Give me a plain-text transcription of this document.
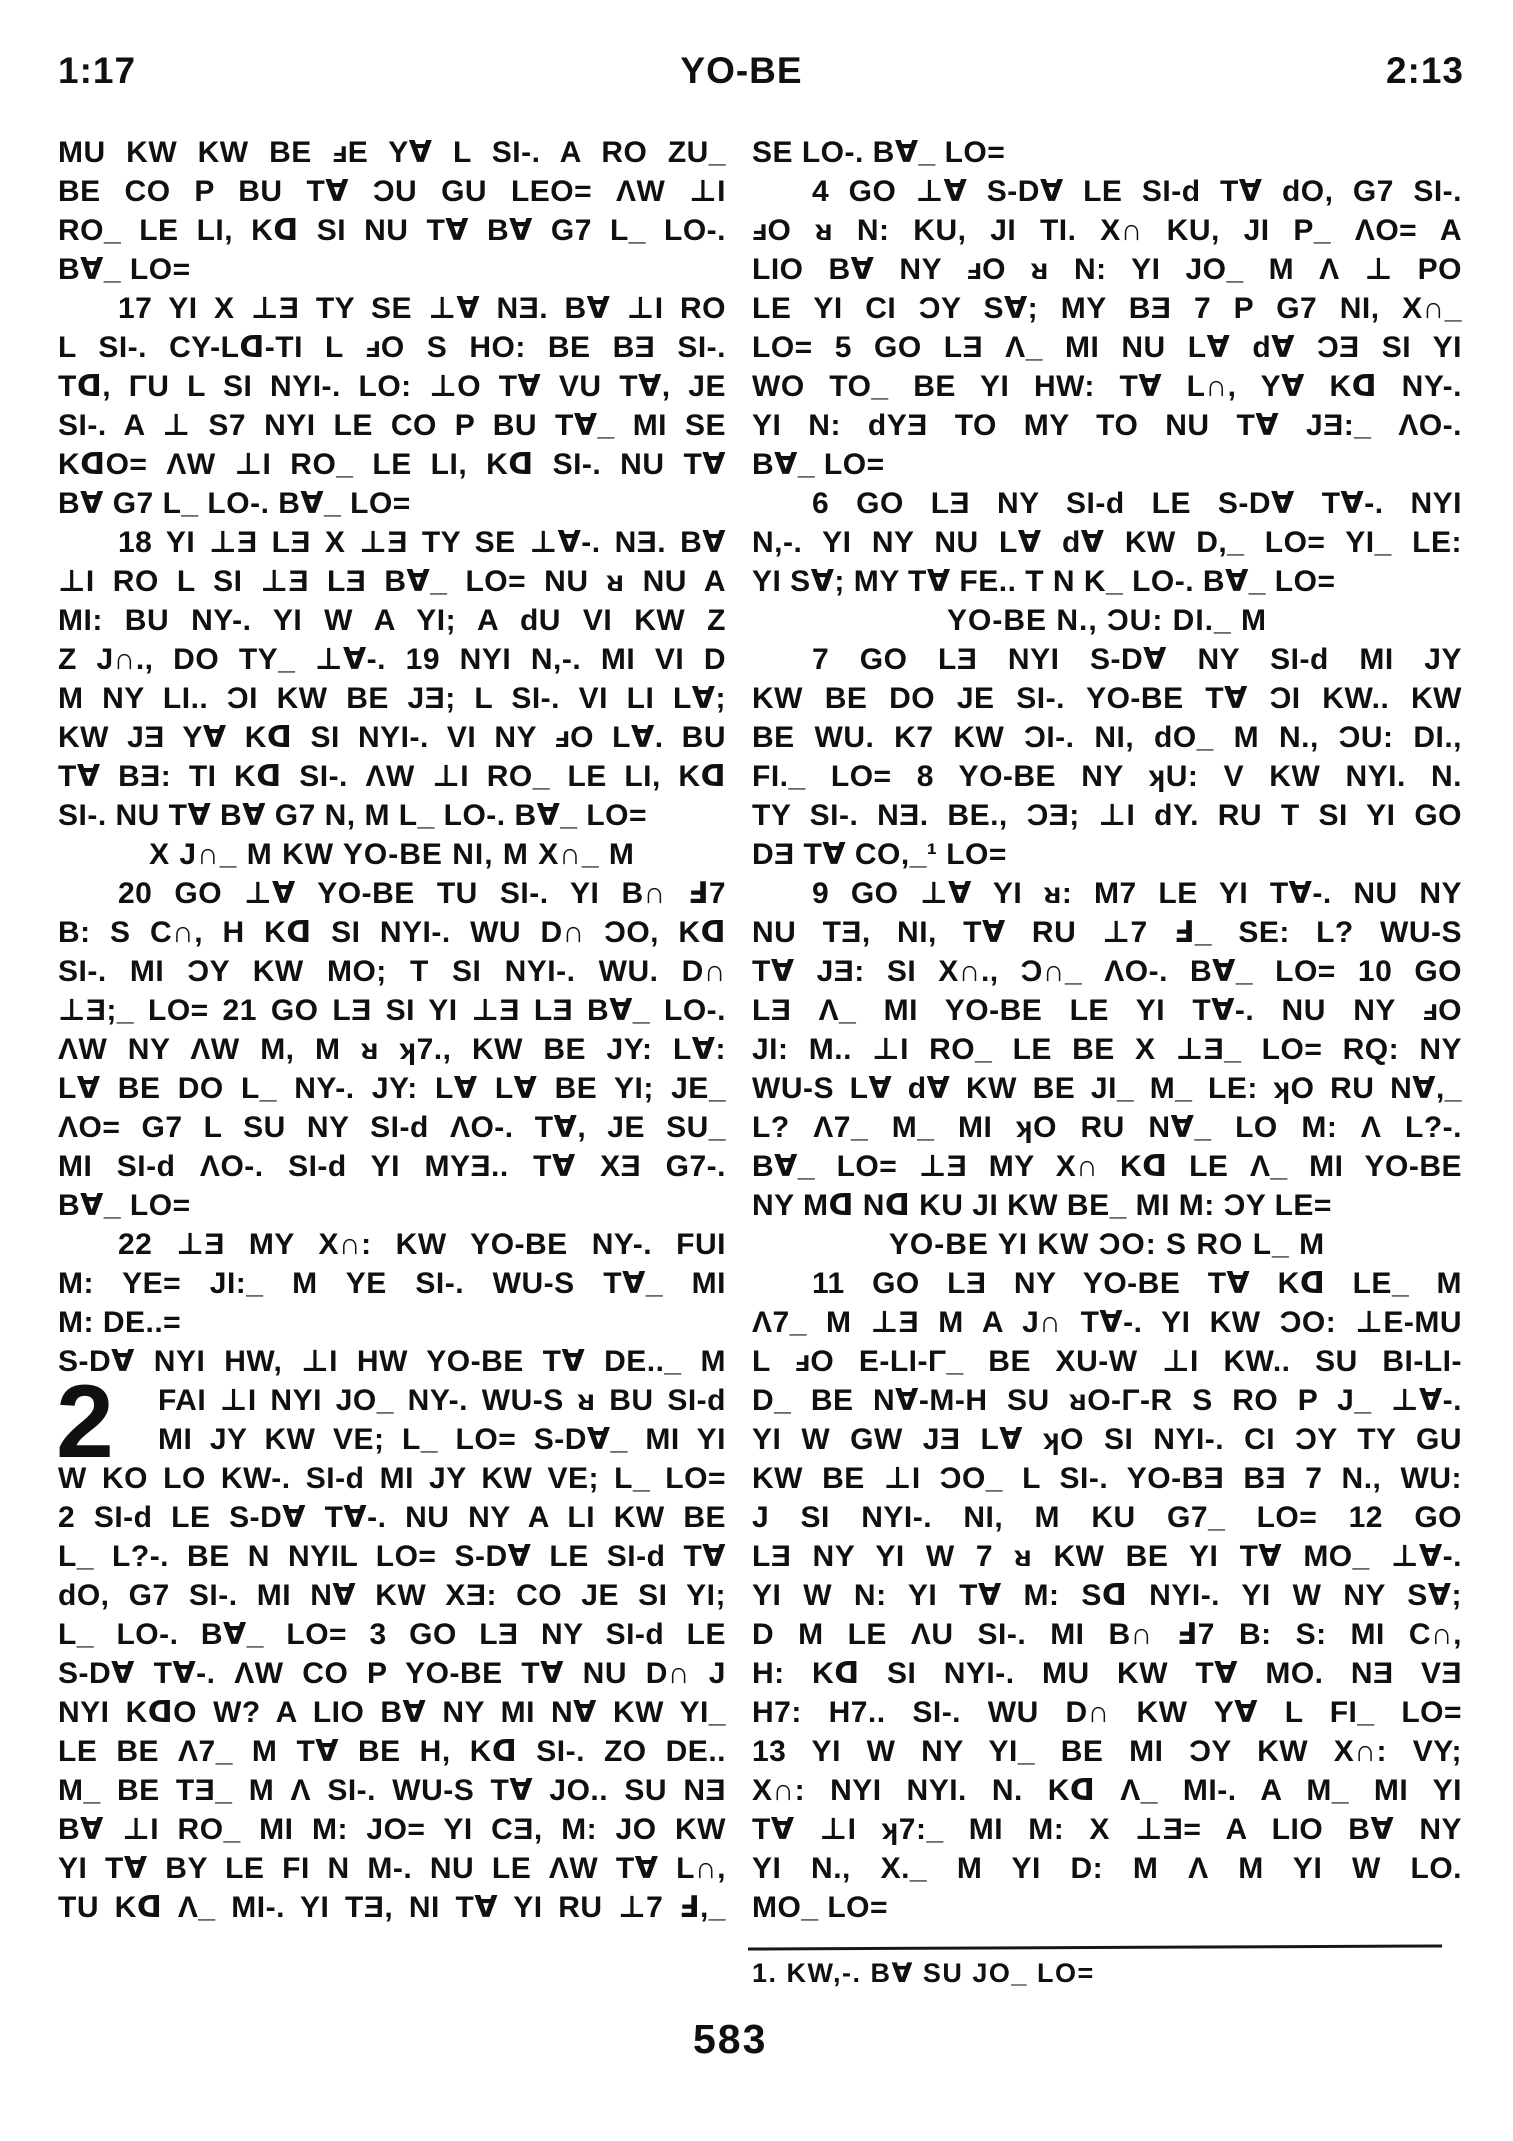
1:17	YO-BE	2:13
MU KW KW BE ⅎE Y∀ L SI-. A RO ZU_
BE CO P BU T∀ ƆU GU LEO= ΛW ⊥I
RO_ LE LI, Kᗡ SI NU T∀ B∀ G7 L_ LO-.
B∀_ LO=
17 YI X ⊥Ǝ TY SE ⊥∀ NƎ. B∀ ⊥I RO
L SI-. CY-Lᗡ-TI L ⅎO S HO: BE BƎ SI-.
Tᗡ, ΓU L SI NYI-. LO: ⊥O T∀ VU T∀, JE
SI-. A ⊥ S7 NYI LE CO P BU T∀_ MI SE
KᗡO= ΛW ⊥I RO_ LE LI, Kᗡ SI-. NU T∀
B∀ G7 L_ LO-. B∀_ LO=
18 YI ⊥Ǝ LƎ X ⊥Ǝ TY SE ⊥∀-. NƎ. B∀
⊥I RO L SI ⊥Ǝ LƎ B∀_ LO= NU ᴚ NU A
MI: BU NY-. YI W A YI; A dU VI KW Z
Z J∩., DO TY_ ⊥∀-. 19 NYI N,-. MI VI D
M NY LI.. ƆI KW BE JƎ; L SI-. VI LI L∀;
KW JƎ Y∀ Kᗡ SI NYI-. VI NY ⅎO L∀. BU
T∀ BƎ: TI Kᗡ SI-. ΛW ⊥I RO_ LE LI, Kᗡ
SI-. NU T∀ B∀ G7 N, M L_ LO-. B∀_ LO=
X J∩_ M KW YO-BE NI, M X∩_ M
20 GO ⊥∀ YO-BE TU SI-. YI B∩ Ⅎ7
B: S C∩, H Kᗡ SI NYI-. WU D∩ ƆO, Kᗡ
SI-. MI ƆY KW MO; T SI NYI-. WU. D∩
⊥Ǝ;_ LO= 21 GO LƎ SI YI ⊥Ǝ LƎ B∀_ LO-.
ΛW NY ΛW M, M ᴚ ʞ7., KW BE JY: L∀:
L∀ BE DO L_ NY-. JY: L∀ L∀ BE YI; JE_
ΛO= G7 L SU NY SI-d ΛO-. T∀, JE SU_
MI SI-d ΛO-. SI-d YI MYƎ.. T∀ XƎ G7-.
B∀_ LO=
22 ⊥Ǝ MY X∩: KW YO-BE NY-. FUI
M: YE= JI:_ M YE SI-. WU-S T∀_ MI
M: DE..=
S-D∀ NYI HW, ⊥I HW YO-BE T∀ DE.._ M
FAI ⊥I NYI JO_ NY-. WU-S ᴚ BU SI-d
MI JY KW VE; L_ LO= S-D∀_ MI YI
W KO LO KW-. SI-d MI JY KW VE; L_ LO=
2 SI-d LE S-D∀ T∀-. NU NY A LI KW BE
L_ L?-. BE N NYIL LO= S-D∀ LE SI-d T∀
dO, G7 SI-. MI N∀ KW XƎ: CO JE SI YI;
L_ LO-. B∀_ LO= 3 GO LƎ NY SI-d LE
S-D∀ T∀-. ΛW CO P YO-BE T∀ NU D∩ J
NYI KᗡO W? A LIO B∀ NY MI N∀ KW YI_
LE BE Λ7_ M T∀ BE H, Kᗡ SI-. ZO DE..
M_ BE TƎ_ M Λ SI-. WU-S T∀ JO.. SU NƎ
B∀ ⊥I RO_ MI M: JO= YI CƎ, M: JO KW
YI T∀ BY LE FI N M-. NU LE ΛW T∀ L∩,
TU Kᗡ Λ_ MI-. YI TƎ, NI T∀ YI RU ⊥7 Ⅎ,_
SE LO-. B∀_ LO=
4 GO ⊥∀ S-D∀ LE SI-d T∀ dO, G7 SI-.
ⅎO ᴚ N: KU, JI TI. X∩ KU, JI P_ ΛO= A
LIO B∀ NY ⅎO ᴚ N: YI JO_ M Λ ⊥ PO
LE YI CI ƆY S∀; MY BƎ 7 P G7 NI, X∩_
LO= 5 GO LƎ Λ_ MI NU L∀ d∀ ƆƎ SI YI
WO TO_ BE YI HW: T∀ L∩, Y∀ Kᗡ NY-.
YI N: dYƎ TO MY TO NU T∀ JƎ:_ ΛO-.
B∀_ LO=
6 GO LƎ NY SI-d LE S-D∀ T∀-. NYI
N,-. YI NY NU L∀ d∀ KW D,_ LO= YI_ LE:
YI S∀; MY T∀ FE.. T N K_ LO-. B∀_ LO=
YO-BE N., ƆU: DI._ M
7 GO LƎ NYI S-D∀ NY SI-d MI JY
KW BE DO JE SI-. YO-BE T∀ ƆI KW.. KW
BE WU. K7 KW ƆI-. NI, dO_ M N., ƆU: DI.,
FI._ LO= 8 YO-BE NY ʞU: V KW NYI. N.
TY SI-. NƎ. BE., ƆƎ; ⊥I dY. RU T SI YI GO
DƎ T∀ CO,_¹ LO=
9 GO ⊥∀ YI ᴚ: M7 LE YI T∀-. NU NY
NU TƎ, NI, T∀ RU ⊥7 Ⅎ_ SE: L? WU-S
T∀ JƎ: SI X∩., Ɔ∩_ ΛO-. B∀_ LO= 10 GO
LƎ Λ_ MI YO-BE LE YI T∀-. NU NY ⅎO
JI: M.. ⊥I RO_ LE BE X ⊥Ǝ_ LO= RQ: NY
WU-S L∀ d∀ KW BE JI_ M_ LE: ʞO RU N∀,_
L? Λ7_ M_ MI ʞO RU N∀_ LO M: Λ L?-.
B∀_ LO= ⊥Ǝ MY X∩ Kᗡ LE Λ_ MI YO-BE
NY Mᗡ Nᗡ KU JI KW BE_ MI M: ƆY LE=
YO-BE YI KW ƆO: S RO L_ M
11 GO LƎ NY YO-BE T∀ Kᗡ LE_ M
Λ7_ M ⊥Ǝ M A J∩ T∀-. YI KW ƆO: ⊥E-MU
L ⅎO E-LI-Γ_ BE XU-W ⊥I KW.. SU BI-LI-
D_ BE N∀-M-H SU ᴚO-Γ-R S RO P J_ ⊥∀-.
YI W GW JƎ L∀ ʞO SI NYI-. CI ƆY TY GU
KW BE ⊥I ƆO_ L SI-. YO-BƎ BƎ 7 N., WU:
J SI NYI-. NI, M KU G7_ LO= 12 GO
LƎ NY YI W 7 ᴚ KW BE YI T∀ MO_ ⊥∀-.
YI W N: YI T∀ M: Sᗡ NYI-. YI W NY S∀;
D M LE ΛU SI-. MI B∩ Ⅎ7 B: S: MI C∩,
H: Kᗡ SI NYI-. MU KW T∀ MO. NƎ VƎ
H7: H7.. SI-. WU D∩ KW Y∀ L FI_ LO=
13 YI W NY YI_ BE MI ƆY KW X∩: VY;
X∩: NYI NYI. N. Kᗡ Λ_ MI-. A M_ MI YI
T∀ ⊥I ʞ7:_ MI M: X ⊥Ǝ= A LIO B∀ NY
YI N., X._ M YI D: M Λ M YI W LO.
MO_ LO=
2
1. KW,-. B∀ SU JO_ LO=
583
